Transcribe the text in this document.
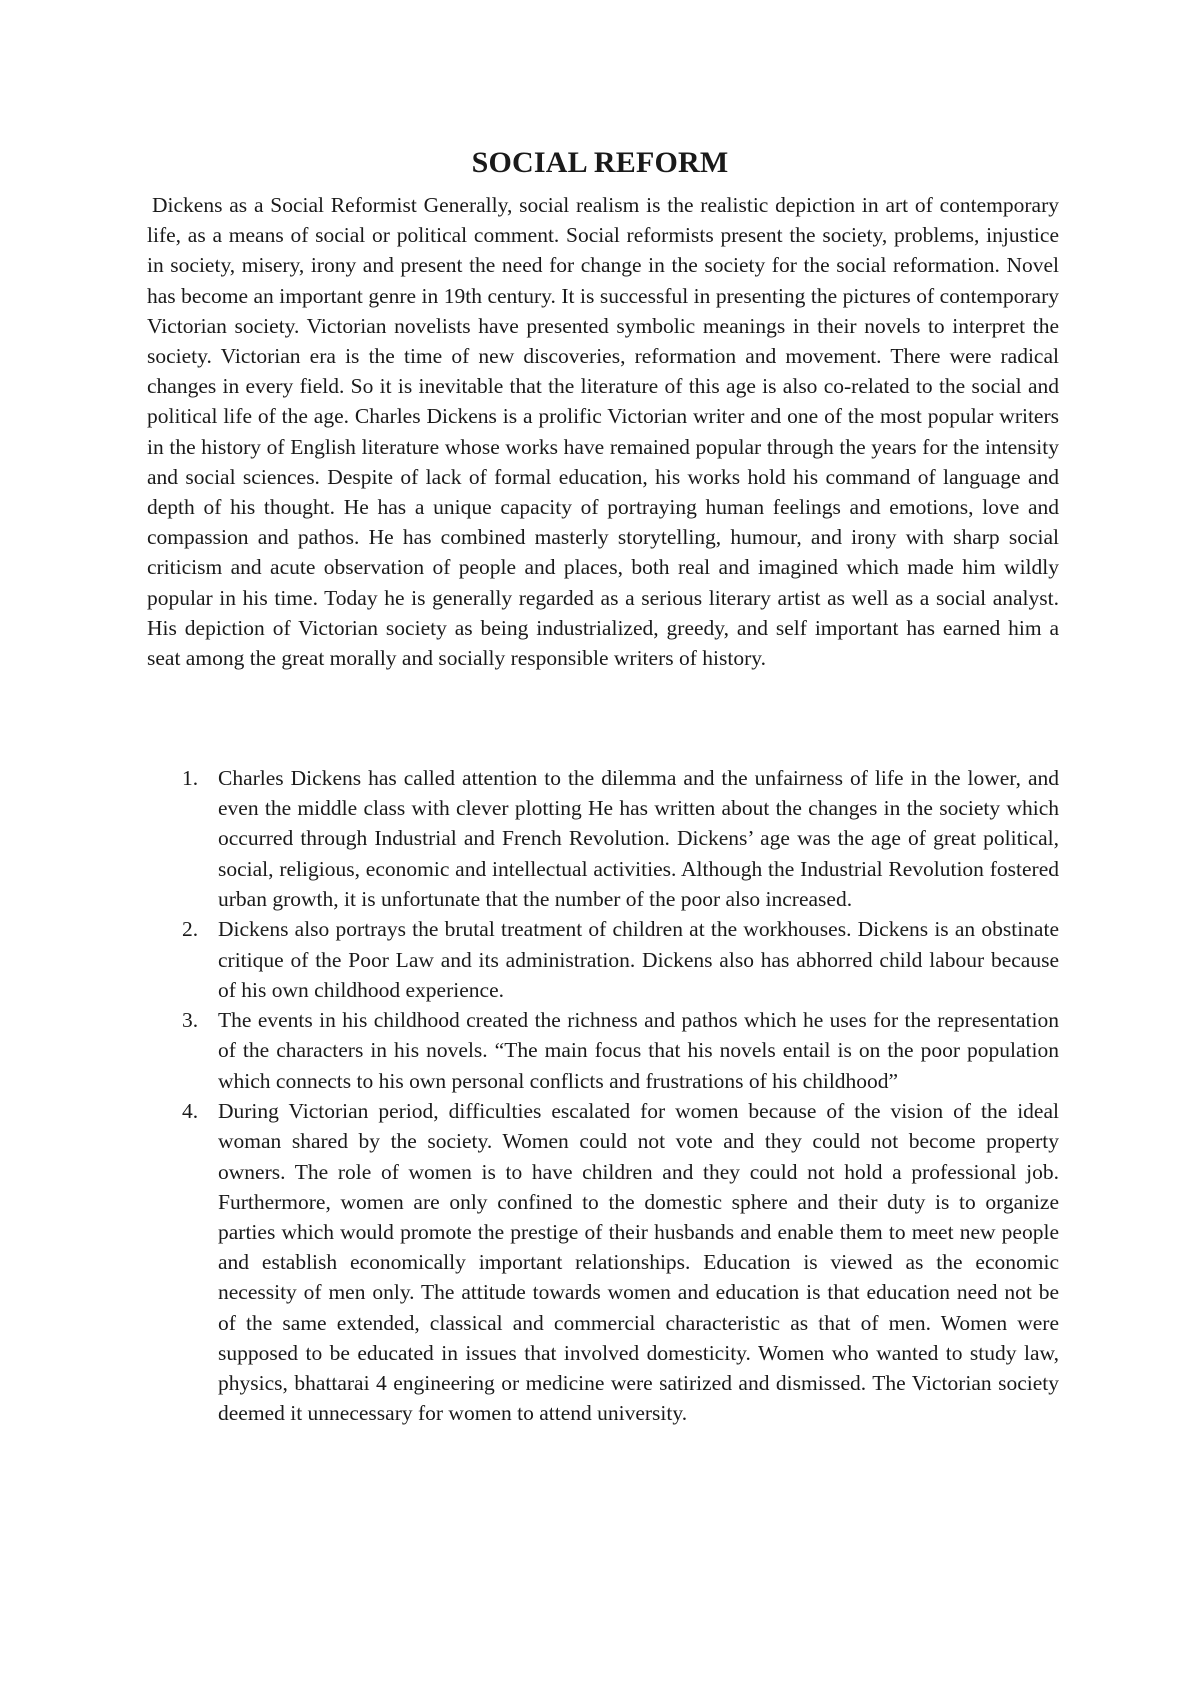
SOCIAL REFORM

Dickens as a Social Reformist Generally, social realism is the realistic depiction in art of contemporary life, as a means of social or political comment. Social reformists present the society, problems, injustice in society, misery, irony and present the need for change in the society for the social reformation. Novel has become an important genre in 19th century. It is successful in presenting the pictures of contemporary Victorian society. Victorian novelists have presented symbolic meanings in their novels to interpret the society. Victorian era is the time of new discoveries, reformation and movement. There were radical changes in every field. So it is inevitable that the literature of this age is also co-related to the social and political life of the age. Charles Dickens is a prolific Victorian writer and one of the most popular writers in the history of English literature whose works have remained popular through the years for the intensity and social sciences. Despite of lack of formal education, his works hold his command of language and depth of his thought. He has a unique capacity of portraying human feelings and emotions, love and compassion and pathos. He has combined masterly storytelling, humour, and irony with sharp social criticism and acute observation of people and places, both real and imagined which made him wildly popular in his time. Today he is generally regarded as a serious literary artist as well as a social analyst. His depiction of Victorian society as being industrialized, greedy, and self important has earned him a seat among the great morally and socially responsible writers of history.

1. Charles Dickens has called attention to the dilemma and the unfairness of life in the lower, and even the middle class with clever plotting He has written about the changes in the society which occurred through Industrial and French Revolution. Dickens’ age was the age of great political, social, religious, economic and intellectual activities. Although the Industrial Revolution fostered urban growth, it is unfortunate that the number of the poor also increased.
2. Dickens also portrays the brutal treatment of children at the workhouses. Dickens is an obstinate critique of the Poor Law and its administration. Dickens also has abhorred child labour because of his own childhood experience.
3. The events in his childhood created the richness and pathos which he uses for the representation of the characters in his novels. “The main focus that his novels entail is on the poor population which connects to his own personal conflicts and frustrations of his childhood”
4. During Victorian period, difficulties escalated for women because of the vision of the ideal woman shared by the society. Women could not vote and they could not become property owners. The role of women is to have children and they could not hold a professional job. Furthermore, women are only confined to the domestic sphere and their duty is to organize parties which would promote the prestige of their husbands and enable them to meet new people and establish economically important relationships. Education is viewed as the economic necessity of men only. The attitude towards women and education is that education need not be of the same extended, classical and commercial characteristic as that of men. Women were supposed to be educated in issues that involved domesticity. Women who wanted to study law, physics, bhattarai 4 engineering or medicine were satirized and dismissed. The Victorian society deemed it unnecessary for women to attend university.
